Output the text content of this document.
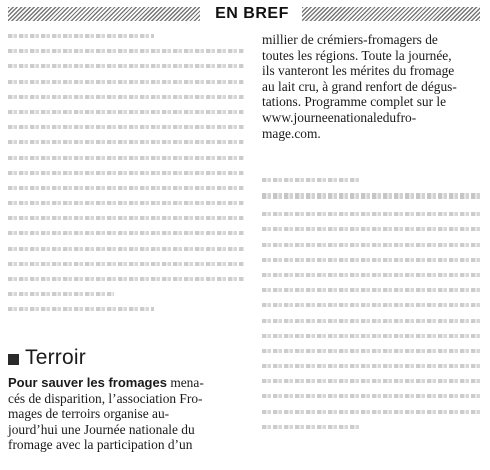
EN BREF
Terroir
Pour sauver les fromages mena-
cés de disparition, l’association Fro-
mages de terroirs organise au-
jourd’hui une Journée nationale du
fromage avec la participation d’un
millier de crémiers-fromagers de
toutes les régions. Toute la journée,
ils vanteront les mérites du fromage
au lait cru, à grand renfort de dégus-
tations. Programme complet sur le
www.journeenationaledufro-
mage.com.
